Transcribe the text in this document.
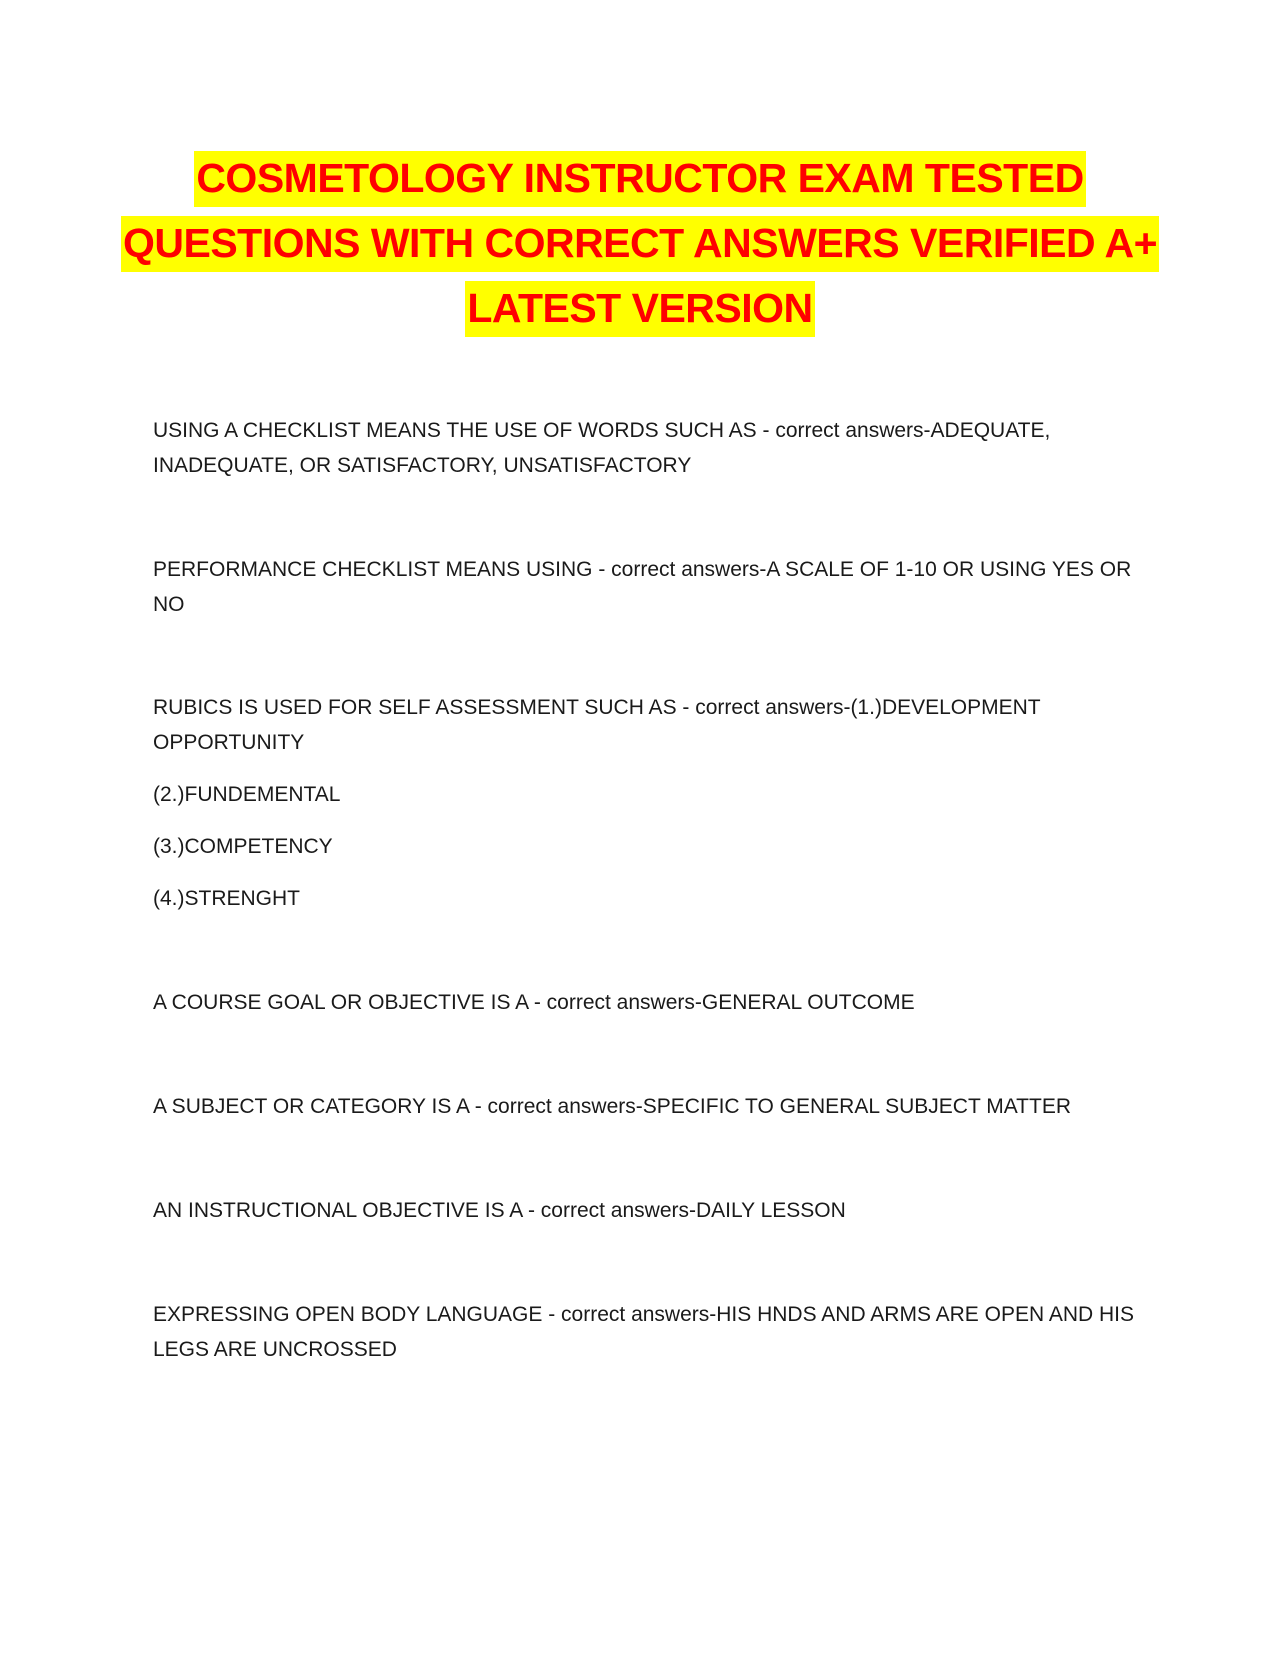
COSMETOLOGY INSTRUCTOR EXAM TESTED
QUESTIONS WITH CORRECT ANSWERS VERIFIED A+
LATEST VERSION
USING A CHECKLIST MEANS THE USE OF WORDS SUCH AS - correct answers-ADEQUATE,
INADEQUATE, OR SATISFACTORY, UNSATISFACTORY
PERFORMANCE CHECKLIST MEANS USING - correct answers-A SCALE OF 1-10 OR USING YES OR
NO
RUBICS IS USED FOR SELF ASSESSMENT SUCH AS - correct answers-(1.)DEVELOPMENT
OPPORTUNITY
(2.)FUNDEMENTAL
(3.)COMPETENCY
(4.)STRENGHT
A COURSE GOAL OR OBJECTIVE IS A - correct answers-GENERAL OUTCOME
A SUBJECT OR CATEGORY IS A - correct answers-SPECIFIC TO GENERAL SUBJECT MATTER
AN INSTRUCTIONAL OBJECTIVE IS A - correct answers-DAILY LESSON
EXPRESSING OPEN BODY LANGUAGE - correct answers-HIS HNDS AND ARMS ARE OPEN AND HIS
LEGS ARE UNCROSSED
